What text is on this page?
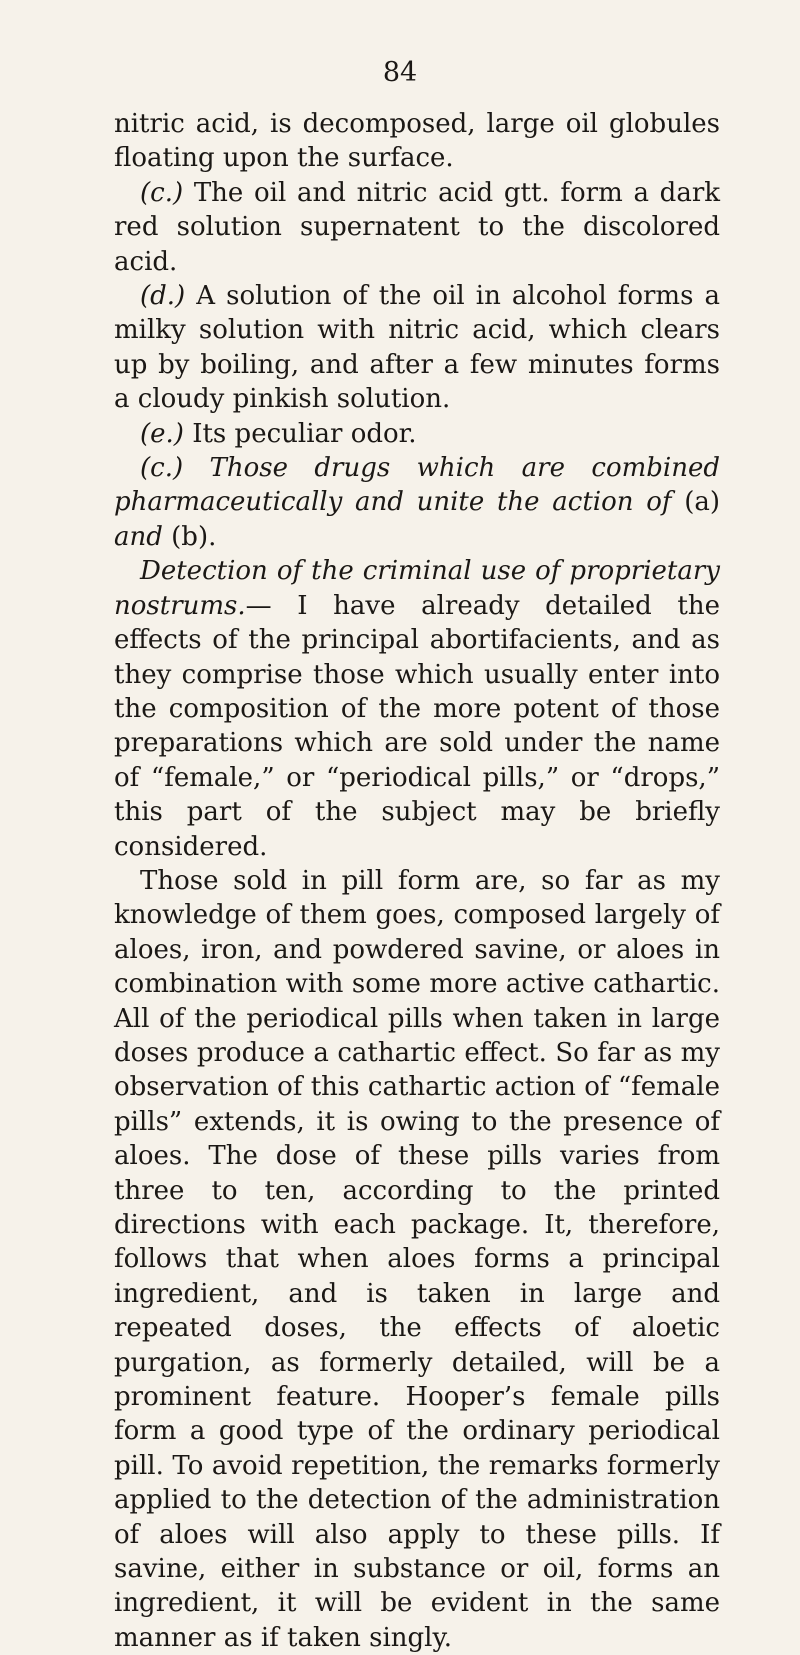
84

nitric acid, is decomposed, large oil globules floating upon the surface.

(c.) The oil and nitric acid gtt. form a dark red solution supernatent to the discolored acid.

(d.) A solution of the oil in alcohol forms a milky solution with nitric acid, which clears up by boiling, and after a few minutes forms a cloudy pinkish solution.

(e.) Its peculiar odor.

(c.) Those drugs which are combined pharmaceutically and unite the action of (a) and (b).

Detection of the criminal use of proprietary nostrums.— I have already detailed the effects of the principal abortifacients, and as they comprise those which usually enter into the composition of the more potent of those preparations which are sold under the name of “female,” or “periodical pills,” or “drops,” this part of the subject may be briefly considered.

Those sold in pill form are, so far as my knowledge of them goes, composed largely of aloes, iron, and powdered savine, or aloes in combination with some more active cathartic. All of the periodical pills when taken in large doses produce a cathartic effect. So far as my observation of this cathartic action of “female pills” extends, it is owing to the presence of aloes. The dose of these pills varies from three to ten, according to the printed directions with each package. It, therefore, follows that when aloes forms a principal ingredient, and is taken in large and repeated doses, the effects of aloetic purgation, as formerly detailed, will be a prominent feature. Hooper’s female pills form a good type of the ordinary periodical pill. To avoid repetition, the remarks formerly applied to the detection of the administration of aloes will also apply to these pills. If savine, either in substance or oil, forms an ingredient, it will be evident in the same manner as if taken singly.
